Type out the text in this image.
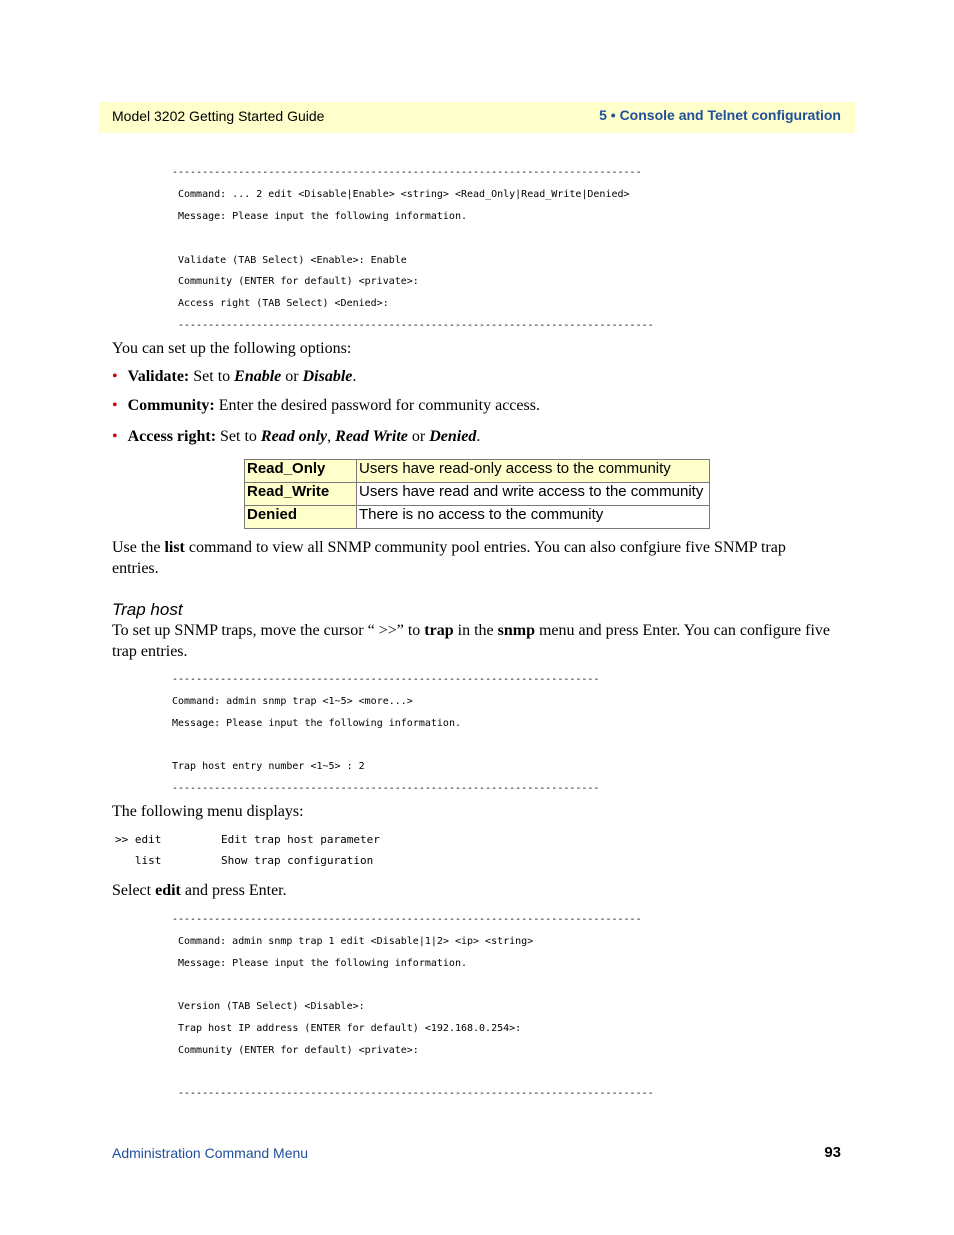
Model 3202 Getting Started Guide	5 • Console and Telnet configuration
------------------------------------------------------------------------------
Command: ... 2 edit <Disable|Enable> <string> <Read_Only|Read_Write|Denied>
Message: Please input the following information.
Validate (TAB Select) <Enable>: Enable
Community (ENTER for default) <private>:
Access right (TAB Select) <Denied>:
-------------------------------------------------------------------------------
You can set up the following options:
• Validate: Set to Enable or Disable.
• Community: Enter the desired password for community access.
• Access right: Set to Read only, Read Write or Denied.
Read_Only	Users have read-only access to the community
Read_Write	Users have read and write access to the community
Denied	There is no access to the community
Use the list command to view all SNMP community pool entries. You can also confgiure five SNMP trap entries.
Trap host
To set up SNMP traps, move the cursor “ >>” to trap in the snmp menu and press Enter. You can configure five trap entries.
-----------------------------------------------------------------------
Command: admin snmp trap <1~5> <more...>
Message: Please input the following information.
Trap host entry number <1~5> : 2
-----------------------------------------------------------------------
The following menu displays:
>> edit         Edit trap host parameter
list         Show trap configuration
Select edit and press Enter.
------------------------------------------------------------------------------
Command: admin snmp trap 1 edit <Disable|1|2> <ip> <string>
Message: Please input the following information.
Version (TAB Select) <Disable>:
Trap host IP address (ENTER for default) <192.168.0.254>:
Community (ENTER for default) <private>:
-------------------------------------------------------------------------------
Administration Command Menu	93
